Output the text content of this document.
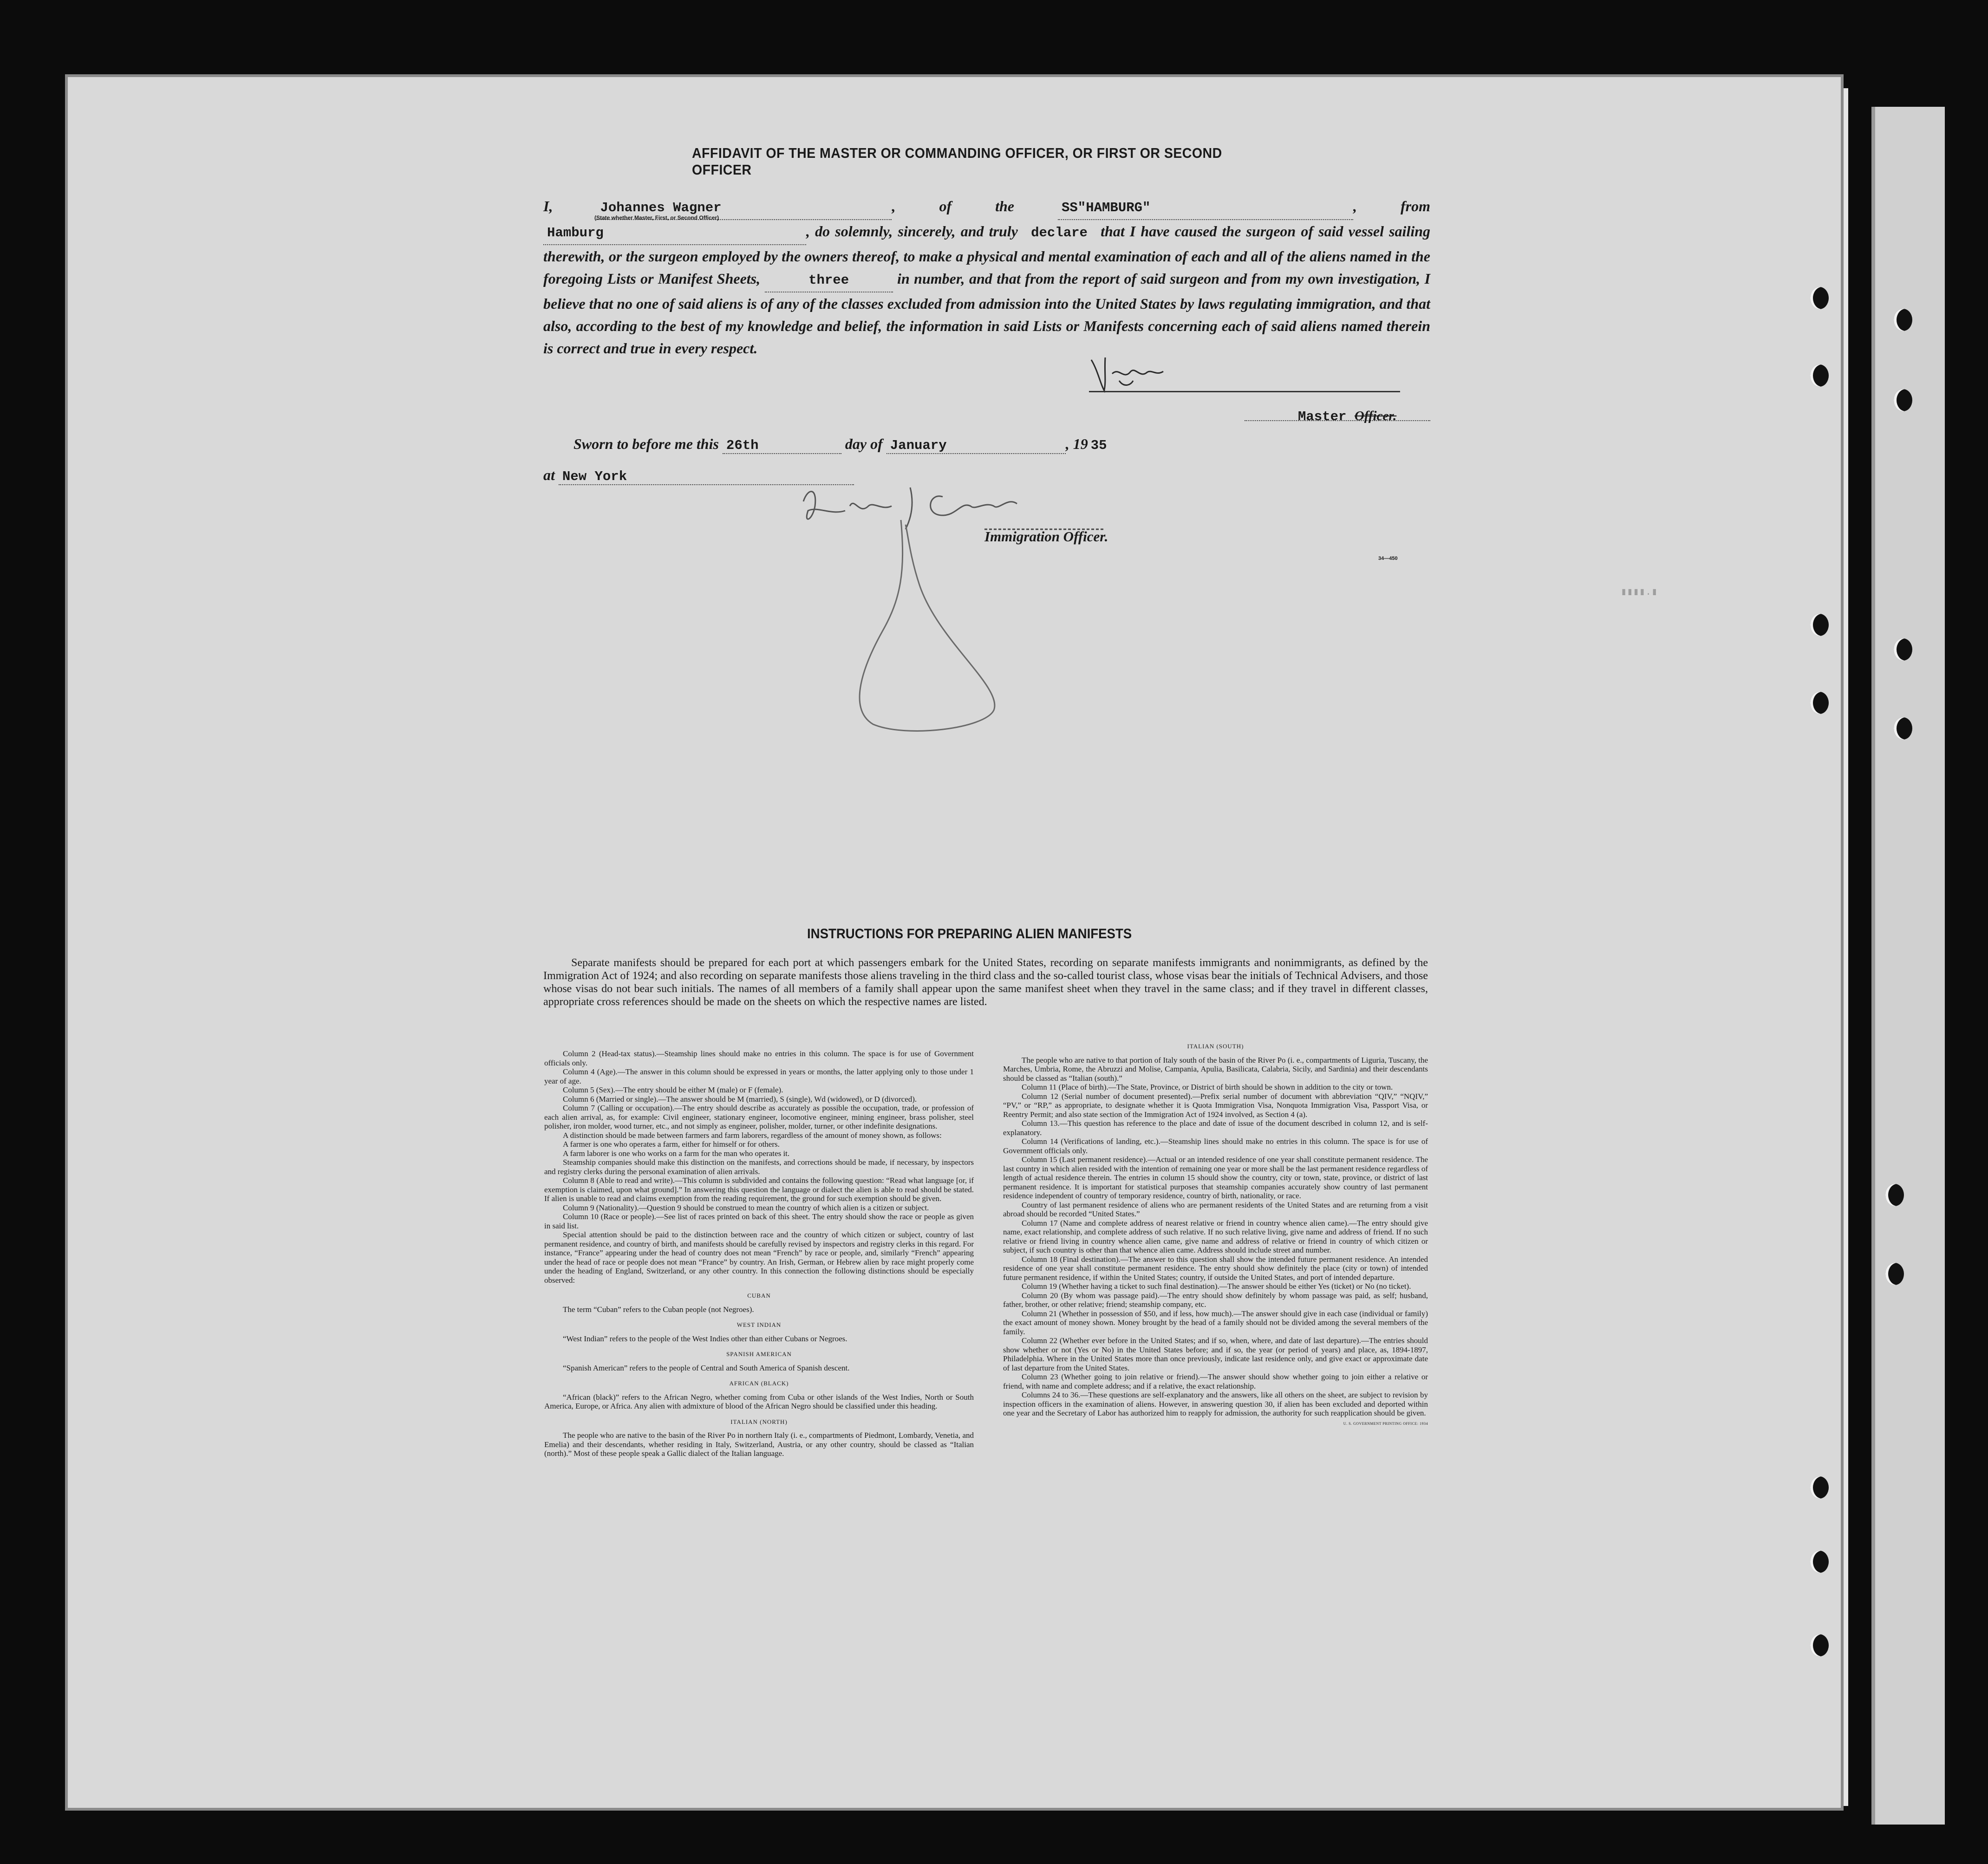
AFFIDAVIT OF THE MASTER OR COMMANDING OFFICER, OR FIRST OR SECOND OFFICER
I,	Johannes Wagner	, of the	SS"HAMBURG"	, from Hamburg	, do solemnly, sincerely, and truly declare that I have caused the surgeon of said vessel sailing therewith, or the surgeon employed by the owners thereof, to make a physical and mental examination of each and all of the aliens named in the foregoing Lists or Manifest Sheets,	three	in number, and that from the report of said surgeon and from my own investigation, I believe that no one of said aliens is of any of the classes excluded from admission into the United States by laws regulating immigration, and that also, according to the best of my knowledge and belief, the information in said Lists or Manifests concerning each of said aliens named therein is correct and true in every respect.
(State whether Master, First, or Second Officer)
Master Officer.
Sworn to before me this 26th	day of January	, 19 35
at New York
Immigration Officer.
34—450
▮▮▮▮.▮
INSTRUCTIONS FOR PREPARING ALIEN MANIFESTS
Separate manifests should be prepared for each port at which passengers embark for the United States, recording on separate manifests immigrants and nonimmigrants, as defined by the Immigration Act of 1924; and also recording on separate manifests those aliens traveling in the third class and the so-called tourist class, whose visas bear the initials of Technical Advisers, and those whose visas do not bear such initials. The names of all members of a family shall appear upon the same manifest sheet when they travel in the same class; and if they travel in different classes, appropriate cross references should be made on the sheets on which the respective names are listed.

Column 2 (Head-tax status).—Steamship lines should make no entries in this column. The space is for use of Government officials only.

Column 4 (Age).—The answer in this column should be expressed in years or months, the latter applying only to those under 1 year of age.

Column 5 (Sex).—The entry should be either M (male) or F (female).

Column 6 (Married or single).—The answer should be M (married), S (single), Wd (widowed), or D (divorced).

Column 7 (Calling or occupation).—The entry should describe as accurately as possible the occupation, trade, or profession of each alien arrival, as, for example: Civil engineer, stationary engineer, locomotive engineer, mining engineer, brass polisher, steel polisher, iron molder, wood turner, etc., and not simply as engineer, polisher, molder, turner, or other indefinite designations.

A distinction should be made between farmers and farm laborers, regardless of the amount of money shown, as follows:

A farmer is one who operates a farm, either for himself or for others.

A farm laborer is one who works on a farm for the man who operates it.

Steamship companies should make this distinction on the manifests, and corrections should be made, if necessary, by inspectors and registry clerks during the personal examination of alien arrivals.

Column 8 (Able to read and write).—This column is subdivided and contains the following question: “Read what language [or, if exemption is claimed, upon what ground].” In answering this question the language or dialect the alien is able to read should be stated. If alien is unable to read and claims exemption from the reading requirement, the ground for such exemption should be given.

Column 9 (Nationality).—Question 9 should be construed to mean the country of which alien is a citizen or subject.

Column 10 (Race or people).—See list of races printed on back of this sheet. The entry should show the race or people as given in said list.

Special attention should be paid to the distinction between race and the country of which citizen or subject, country of last permanent residence, and country of birth, and manifests should be carefully revised by inspectors and registry clerks in this regard. For instance, “France” appearing under the head of country does not mean “French” by race or people, and, similarly “French” appearing under the head of race or people does not mean “France” by country. An Irish, German, or Hebrew alien by race might properly come under the heading of England, Switzerland, or any other country. In this connection the following distinctions should be especially observed:

CUBAN

The term “Cuban” refers to the Cuban people (not Negroes).

WEST INDIAN

“West Indian” refers to the people of the West Indies other than either Cubans or Negroes.

SPANISH AMERICAN

“Spanish American” refers to the people of Central and South America of Spanish descent.

AFRICAN (BLACK)

“African (black)” refers to the African Negro, whether coming from Cuba or other islands of the West Indies, North or South America, Europe, or Africa. Any alien with admixture of blood of the African Negro should be classified under this heading.

ITALIAN (NORTH)

The people who are native to the basin of the River Po in northern Italy (i. e., compartments of Piedmont, Lombardy, Venetia, and Emelia) and their descendants, whether residing in Italy, Switzerland, Austria, or any other country, should be classed as “Italian (north).” Most of these people speak a Gallic dialect of the Italian language.

ITALIAN (SOUTH)

The people who are native to that portion of Italy south of the basin of the River Po (i. e., compartments of Liguria, Tuscany, the Marches, Umbria, Rome, the Abruzzi and Molise, Campania, Apulia, Basilicata, Calabria, Sicily, and Sardinia) and their descendants should be classed as “Italian (south).”

Column 11 (Place of birth).—The State, Province, or District of birth should be shown in addition to the city or town.

Column 12 (Serial number of document presented).—Prefix serial number of document with abbreviation “QIV,” “NQIV,” “PV,” or “RP,” as appropriate, to designate whether it is Quota Immigration Visa, Nonquota Immigration Visa, Passport Visa, or Reentry Permit; and also state section of the Immigration Act of 1924 involved, as Section 4 (a).

Column 13.—This question has reference to the place and date of issue of the document described in column 12, and is self-explanatory.

Column 14 (Verifications of landing, etc.).—Steamship lines should make no entries in this column. The space is for use of Government officials only.

Column 15 (Last permanent residence).—Actual or an intended residence of one year shall constitute permanent residence. The last country in which alien resided with the intention of remaining one year or more shall be the last permanent residence regardless of length of actual residence therein. The entries in column 15 should show the country, city or town, state, province, or district of last permanent residence. It is important for statistical purposes that steamship companies accurately show country of last permanent residence independent of country of temporary residence, country of birth, nationality, or race.

Country of last permanent residence of aliens who are permanent residents of the United States and are returning from a visit abroad should be recorded “United States.”

Column 17 (Name and complete address of nearest relative or friend in country whence alien came).—The entry should give name, exact relationship, and complete address of such relative. If no such relative living, give name and address of friend. If no such relative or friend living in country whence alien came, give name and address of relative or friend in country of which citizen or subject, if such country is other than that whence alien came. Address should include street and number.

Column 18 (Final destination).—The answer to this question shall show the intended future permanent residence. An intended residence of one year shall constitute permanent residence. The entry should show definitely the place (city or town) of intended future permanent residence, if within the United States; country, if outside the United States, and port of intended departure.

Column 19 (Whether having a ticket to such final destination).—The answer should be either Yes (ticket) or No (no ticket).

Column 20 (By whom was passage paid).—The entry should show definitely by whom passage was paid, as self; husband, father, brother, or other relative; friend; steamship company, etc.

Column 21 (Whether in possession of $50, and if less, how much).—The answer should give in each case (individual or family) the exact amount of money shown. Money brought by the head of a family should not be divided among the several members of the family.

Column 22 (Whether ever before in the United States; and if so, when, where, and date of last departure).—The entries should show whether or not (Yes or No) in the United States before; and if so, the year (or period of years) and place, as, 1894-1897, Philadelphia. Where in the United States more than once previously, indicate last residence only, and give exact or approximate date of last departure from the United States.

Column 23 (Whether going to join relative or friend).—The answer should show whether going to join either a relative or friend, with name and complete address; and if a relative, the exact relationship.

Columns 24 to 36.—These questions are self-explanatory and the answers, like all others on the sheet, are subject to revision by inspection officers in the examination of aliens. However, in answering question 30, if alien has been excluded and deported within one year and the Secretary of Labor has authorized him to reapply for admission, the authority for such reapplication should be given.

U. S. GOVERNMENT PRINTING OFFICE: 1934
